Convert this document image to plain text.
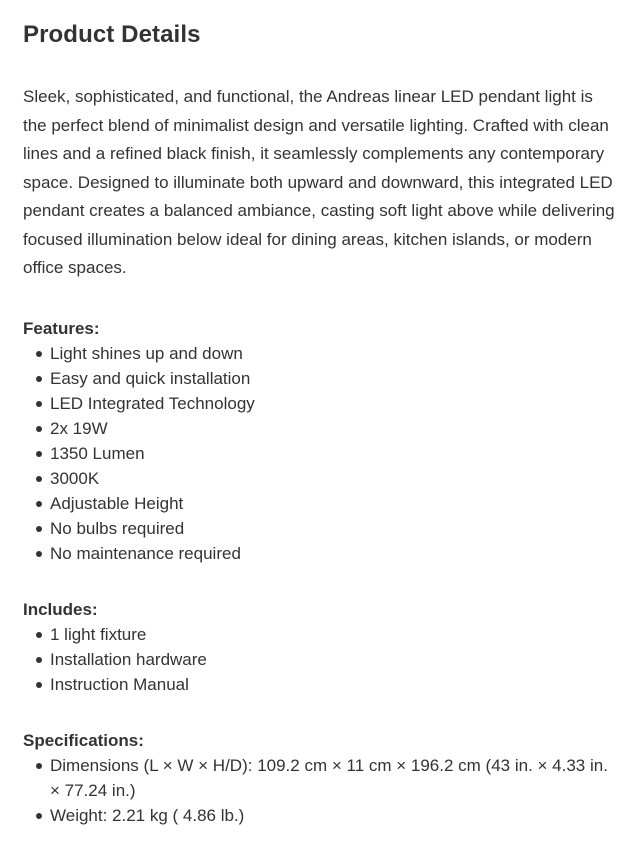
Product Details

Sleek, sophisticated, and functional, the Andreas linear LED pendant light is the perfect blend of minimalist design and versatile lighting. Crafted with clean lines and a refined black finish, it seamlessly complements any contemporary space. Designed to illuminate both upward and downward, this integrated LED pendant creates a balanced ambiance, casting soft light above while delivering focused illumination below ideal for dining areas, kitchen islands, or modern office spaces.

Features:
Light shines up and down
Easy and quick installation
LED Integrated Technology
2x 19W
1350 Lumen
3000K
Adjustable Height
No bulbs required
No maintenance required
Includes:
1 light fixture
Installation hardware
Instruction Manual
Specifications:
Dimensions (L × W × H/D): 109.2 cm × 11 cm × 196.2 cm (43 in. × 4.33 in. × 77.24 in.)
Weight: 2.21 kg ( 4.86 lb.)
